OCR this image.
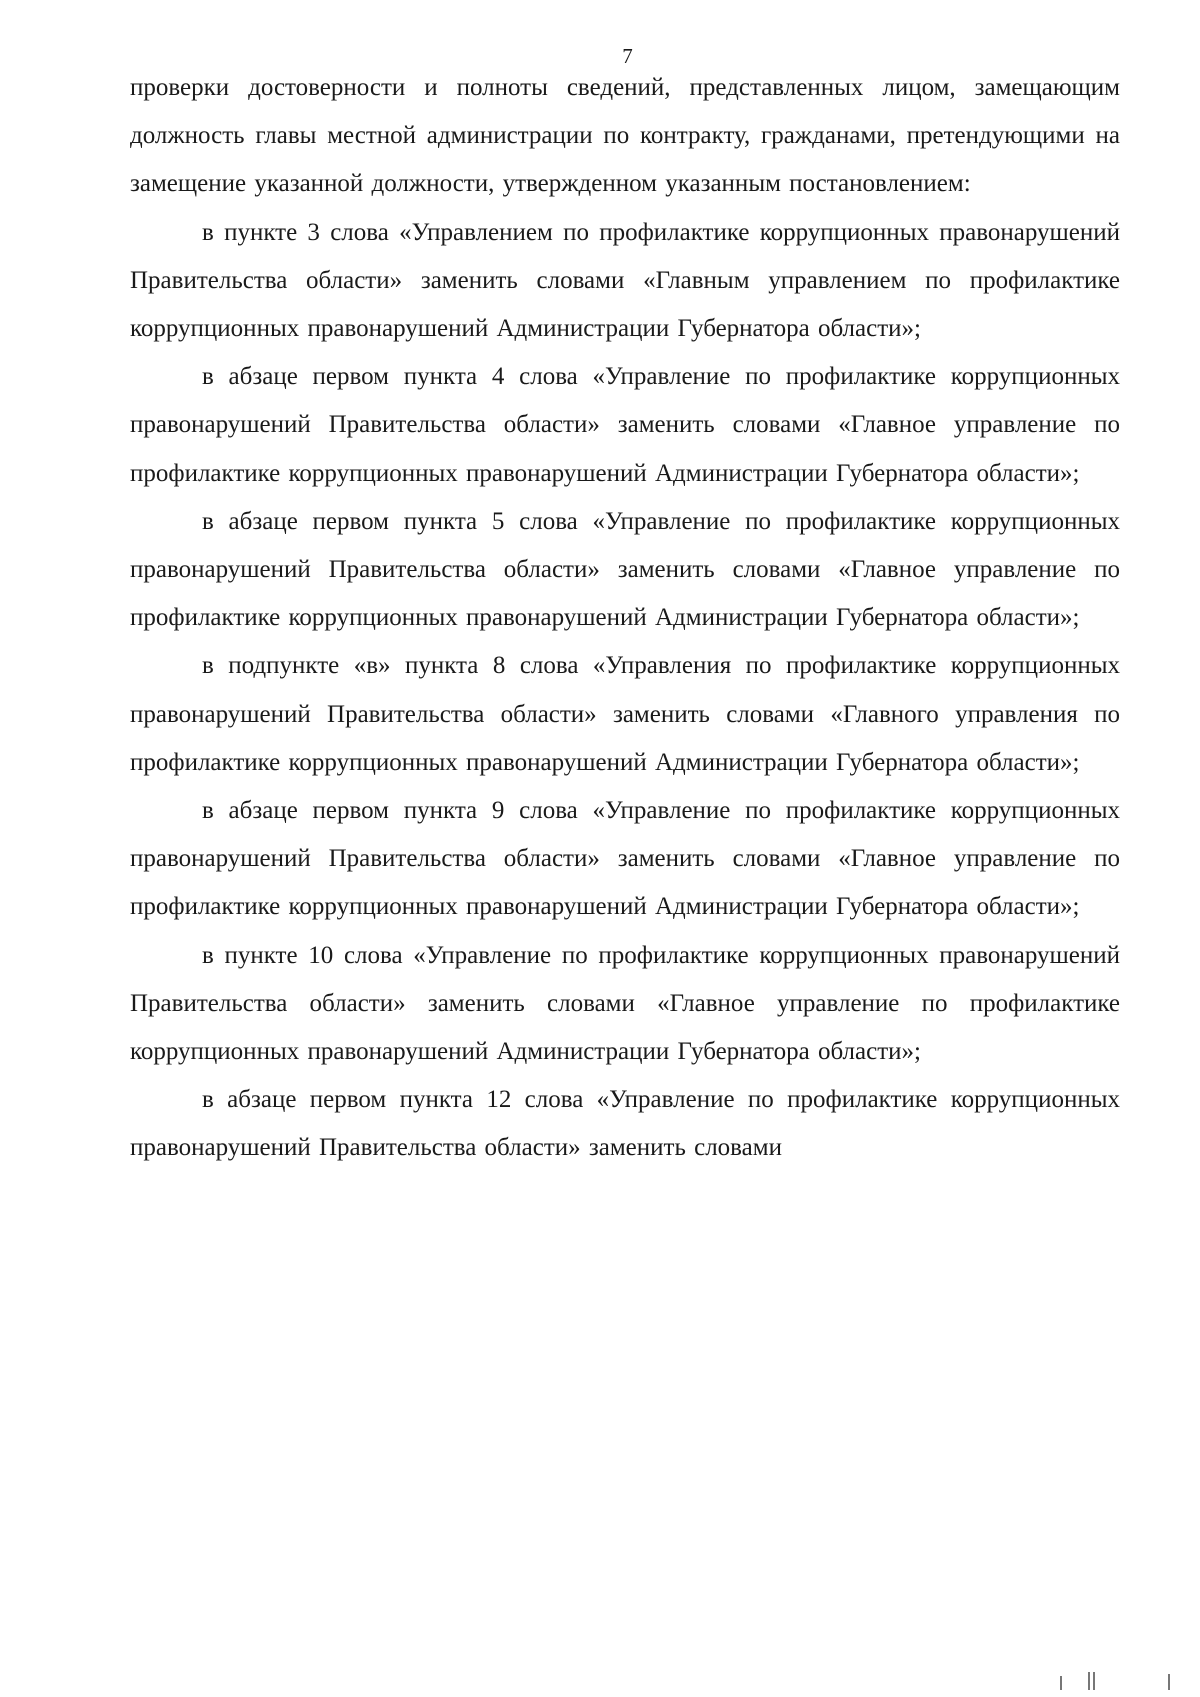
7

проверки достоверности и полноты сведений, представленных лицом, замещающим должность главы местной администрации по контракту, гражданами, претендующими на замещение указанной должности, утвержденном указанным постановлением:

в пункте 3 слова «Управлением по профилактике коррупционных правонарушений Правительства области» заменить словами «Главным управлением по профилактике коррупционных правонарушений Администрации Губернатора области»;

в абзаце первом пункта 4 слова «Управление по профилактике коррупционных правонарушений Правительства области» заменить словами «Главное управление по профилактике коррупционных правонарушений Администрации Губернатора области»;

в абзаце первом пункта 5 слова «Управление по профилактике коррупционных правонарушений Правительства области» заменить словами «Главное управление по профилактике коррупционных правонарушений Администрации Губернатора области»;

в подпункте «в» пункта 8 слова «Управления по профилактике коррупционных правонарушений Правительства области» заменить словами «Главного управления по профилактике коррупционных правонарушений Администрации Губернатора области»;

в абзаце первом пункта 9 слова «Управление по профилактике коррупционных правонарушений Правительства области» заменить словами «Главное управление по профилактике коррупционных правонарушений Администрации Губернатора области»;

в пункте 10 слова «Управление по профилактике коррупционных правонарушений Правительства области» заменить словами «Главное управление по профилактике коррупционных правонарушений Администрации Губернатора области»;

в абзаце первом пункта 12 слова «Управление по профилактике коррупционных правонарушений Правительства области» заменить словами
